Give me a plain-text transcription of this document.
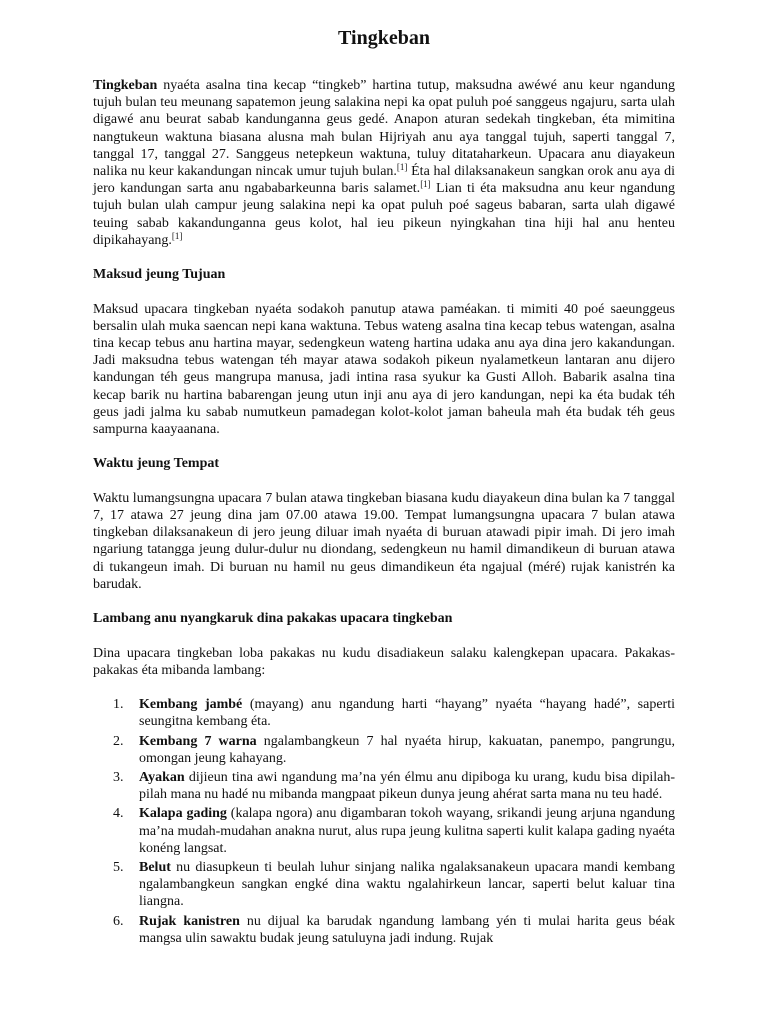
Tingkeban

Tingkeban nyaéta asalna tina kecap “tingkeb” hartina tutup, maksudna awéwé anu keur ngandung tujuh bulan teu meunang sapatemon jeung salakina nepi ka opat puluh poé sanggeus ngajuru, sarta ulah digawé anu beurat sabab kandunganna geus gedé. Anapon aturan sedekah tingkeban, éta mimitina nangtukeun waktuna biasana alusna mah bulan Hijriyah anu aya tanggal tujuh, saperti tanggal 7, tanggal 17, tanggal 27. Sanggeus netepkeun waktuna, tuluy ditataharkeun. Upacara anu diayakeun nalika nu keur kakandungan nincak umur tujuh bulan.[1] Éta hal dilaksanakeun sangkan orok anu aya di jero kandungan sarta anu ngababarkeunna baris salamet.[1] Lian ti éta maksudna anu keur ngandung tujuh bulan ulah campur jeung salakina nepi ka opat puluh poé sageus babaran, sarta ulah digawé teuing sabab kakandunganna geus kolot, hal ieu pikeun nyingkahan tina hiji hal anu henteu dipikahayang.[1]

Maksud jeung Tujuan

Maksud upacara tingkeban nyaéta sodakoh panutup atawa paméakan. ti mimiti 40 poé saeunggeus bersalin ulah muka saencan nepi kana waktuna. Tebus wateng asalna tina kecap tebus watengan, asalna tina kecap tebus anu hartina mayar, sedengkeun wateng hartina udaka anu aya dina jero kakandungan. Jadi maksudna tebus watengan téh mayar atawa sodakoh pikeun nyalametkeun lantaran anu dijero kandungan téh geus mangrupa manusa, jadi intina rasa syukur ka Gusti Alloh. Babarik asalna tina kecap barik nu hartina babarengan jeung utun inji anu aya di jero kandungan, nepi ka éta budak téh geus jadi jalma ku sabab numutkeun pamadegan kolot-kolot jaman baheula mah éta budak téh geus sampurna kaayaanana.

Waktu jeung Tempat

Waktu lumangsungna upacara 7 bulan atawa tingkeban biasana kudu diayakeun dina bulan ka 7 tanggal 7, 17 atawa 27 jeung dina jam 07.00 atawa 19.00. Tempat lumangsungna upacara 7 bulan atawa tingkeban dilaksanakeun di jero jeung diluar imah nyaéta di buruan atawadi pipir imah. Di jero imah ngariung tatangga jeung dulur-dulur nu diondang, sedengkeun nu hamil dimandikeun di buruan atawa di tukangeun imah. Di buruan nu hamil nu geus dimandikeun éta ngajual (méré) rujak kanistrén ka barudak.

Lambang anu nyangkaruk dina pakakas upacara tingkeban

Dina upacara tingkeban loba pakakas nu kudu disadiakeun salaku kalengkepan upacara. Pakakas-pakakas éta mibanda lambang:

1. Kembang jambé (mayang) anu ngandung harti “hayang” nyaéta “hayang hadé”, saperti seungitna kembang éta.
2. Kembang 7 warna ngalambangkeun 7 hal nyaéta hirup, kakuatan, panempo, pangrungu, omongan jeung kahayang.
3. Ayakan dijieun tina awi ngandung ma’na yén élmu anu dipiboga ku urang, kudu bisa dipilah-pilah mana nu hadé nu mibanda mangpaat pikeun dunya jeung ahérat sarta mana nu teu hadé.
4. Kalapa gading (kalapa ngora) anu digambaran tokoh wayang, srikandi jeung arjuna ngandung ma’na mudah-mudahan anakna nurut, alus rupa jeung kulitna saperti kulit kalapa gading nyaéta konéng langsat.
5. Belut nu diasupkeun ti beulah luhur sinjang nalika ngalaksanakeun upacara mandi kembang ngalambangkeun sangkan engké dina waktu ngalahirkeun lancar, saperti belut kaluar tina liangna.
6. Rujak kanistren nu dijual ka barudak ngandung lambang yén ti mulai harita geus béak mangsa ulin sawaktu budak jeung satuluyna jadi indung. Rujak
